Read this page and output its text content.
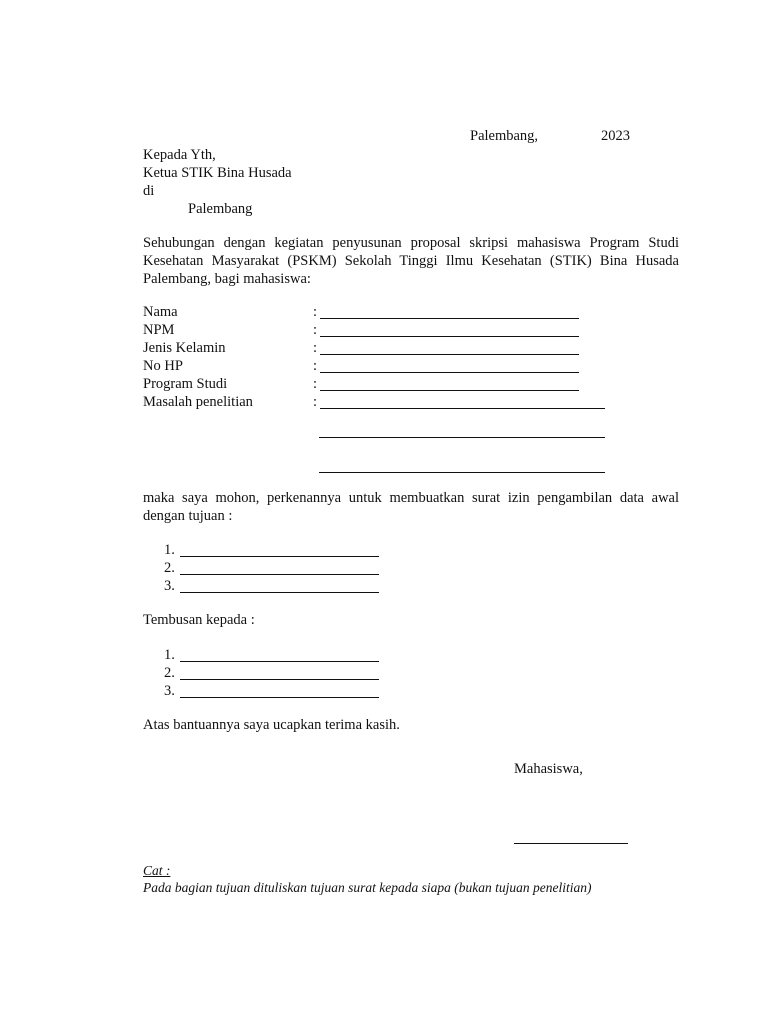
Palembang,	2023
Kepada Yth,
Ketua STIK Bina Husada
di
Palembang
Sehubungan dengan kegiatan penyusunan proposal skripsi mahasiswa Program Studi Kesehatan Masyarakat (PSKM) Sekolah Tinggi Ilmu Kesehatan (STIK) Bina Husada Palembang, bagi mahasiswa:
Nama	:
NPM	:
Jenis Kelamin	:
No HP	:
Program Studi	:
Masalah penelitian	:
maka saya mohon, perkenannya untuk membuatkan surat izin pengambilan data awal dengan tujuan :
1.
2.
3.
Tembusan kepada :
1.
2.
3.
Atas bantuannya saya ucapkan terima kasih.
Mahasiswa,
Cat :
Pada bagian tujuan dituliskan tujuan surat kepada siapa (bukan tujuan penelitian)
